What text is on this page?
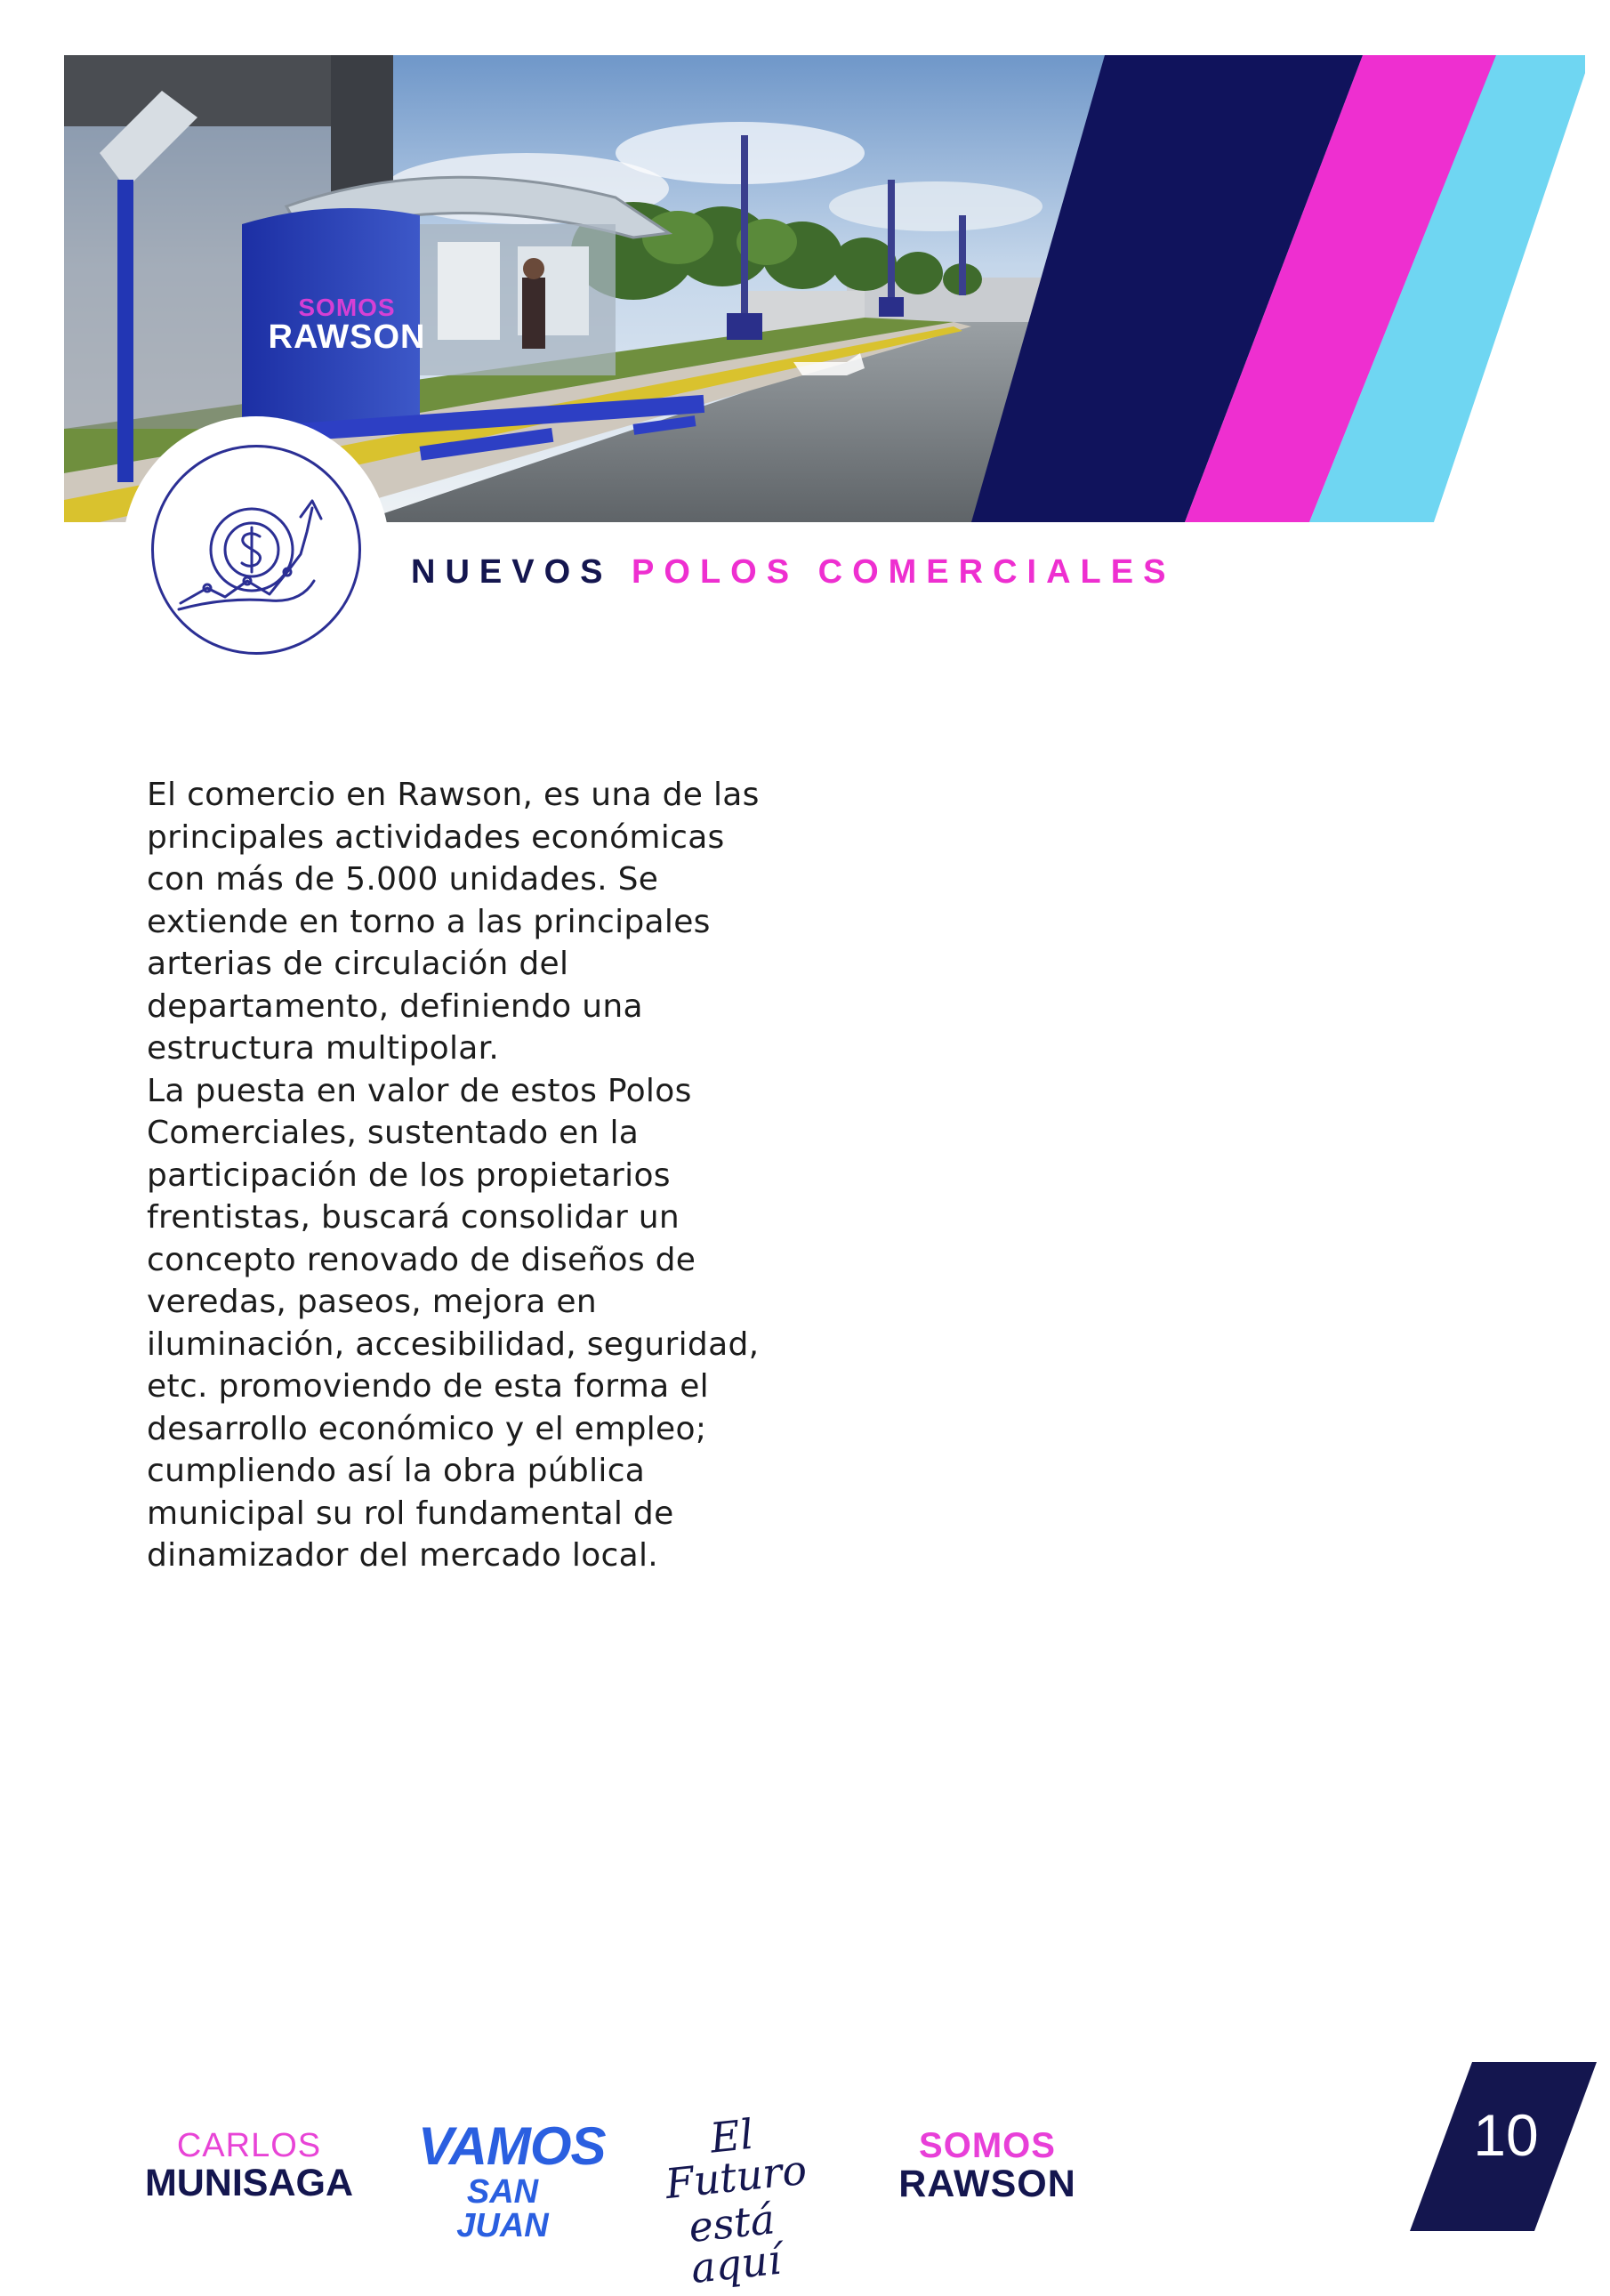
SOMOS
RAWSON
NUEVOS POLOS COMERCIALES

El comercio en Rawson, es una de las principales actividades económicas con más de 5.000 unidades. Se extiende en torno a las principales arterias de circulación del departamento, definiendo una estructura multipolar.

La puesta en valor de estos Polos Comerciales, sustentado en la participación de los propietarios frentistas, buscará consolidar un concepto renovado de diseños de veredas, paseos, mejora en iluminación, accesibilidad, seguridad, etc. promoviendo de esta forma el desarrollo económico y el empleo; cumpliendo así la obra pública municipal su rol fundamental de dinamizador del mercado local.

CARLOS
MUNISAGA
VAMOS
SAN JUAN
El Futuro
está aquí
SOMOS
RAWSON
10
